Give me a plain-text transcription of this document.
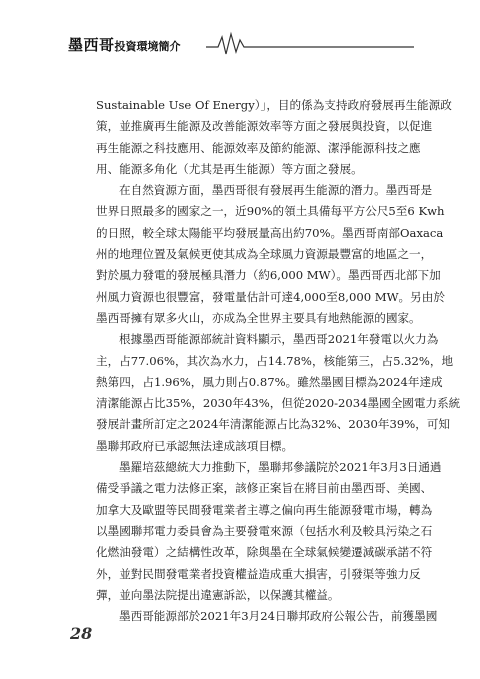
墨西哥投資環境簡介

Sustainable Use Of Energy）」，目的係為支持政府發展再生能源政
策，並推廣再生能源及改善能源效率等方面之發展與投資，以促進
再生能源之科技應用、能源效率及節約能源、潔淨能源科技之應
用、能源多角化（尤其是再生能源）等方面之發展。

在自然資源方面，墨西哥很有發展再生能源的潛力。墨西哥是
世界日照最多的國家之一，近90%的領土具備每平方公尺5至6 Kwh
的日照，較全球太陽能平均發展量高出約70%。墨西哥南部Oaxaca
州的地理位置及氣候更使其成為全球風力資源最豐富的地區之一，
對於風力發電的發展極具潛力（約6,000 MW）。墨西哥西北部下加
州風力資源也很豐富，發電量估計可達4,000至8,000 MW。另由於
墨西哥擁有眾多火山，亦成為全世界主要具有地熱能源的國家。

根據墨西哥能源部統計資料顯示，墨西哥2021年發電以火力為
主，占77.06%，其次為水力，占14.78%，核能第三，占5.32%，地
熱第四，占1.96%，風力則占0.87%。雖然墨國目標為2024年達成
清潔能源占比35%，2030年43%，但從2020-2034墨國全國電力系統
發展計畫所訂定之2024年清潔能源占比為32%、2030年39%，可知
墨聯邦政府已承認無法達成該項目標。

墨羅培茲總統大力推動下，墨聯邦參議院於2021年3月3日通過
備受爭議之電力法修正案，該修正案旨在將目前由墨西哥、美國、
加拿大及歐盟等民間發電業者主導之偏向再生能源發電市場，轉為
以墨國聯邦電力委員會為主要發電來源（包括水利及較具污染之石
化燃油發電）之結構性改革，除與墨在全球氣候變遷減碳承諾不符
外，並對民間發電業者投資權益造成重大損害，引發渠等強力反
彈，並向墨法院提出違憲訴訟，以保護其權益。

墨西哥能源部於2021年3月24日聯邦政府公報公告，前獲墨國

28
